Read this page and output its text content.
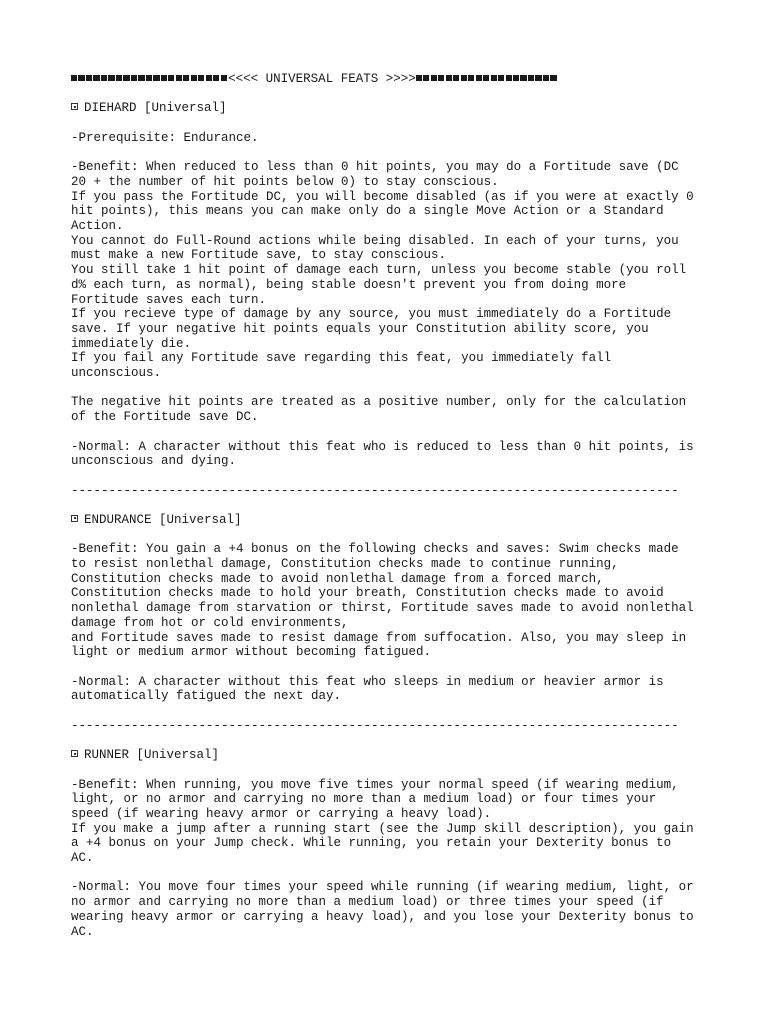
<<<< UNIVERSAL FEATS >>>>

DIEHARD [Universal]

-Prerequisite: Endurance.

-Benefit: When reduced to less than 0 hit points, you may do a Fortitude save (DC

20 + the number of hit points below 0) to stay conscious.

If you pass the Fortitude DC, you will become disabled (as if you were at exactly 0

hit points), this means you can make only do a single Move Action or a Standard

Action.

You cannot do Full-Round actions while being disabled. In each of your turns, you

must make a new Fortitude save, to stay conscious.

You still take 1 hit point of damage each turn, unless you become stable (you roll

d% each turn, as normal), being stable doesn't prevent you from doing more

Fortitude saves each turn.

If you recieve type of damage by any source, you must immediately do a Fortitude

save. If your negative hit points equals your Constitution ability score, you

immediately die.

If you fail any Fortitude save regarding this feat, you immediately fall

unconscious.

The negative hit points are treated as a positive number, only for the calculation

of the Fortitude save DC.

-Normal: A character without this feat who is reduced to less than 0 hit points, is

unconscious and dying.

---------------------------------------------------------------------------------

ENDURANCE [Universal]

-Benefit: You gain a +4 bonus on the following checks and saves: Swim checks made

to resist nonlethal damage, Constitution checks made to continue running,

Constitution checks made to avoid nonlethal damage from a forced march,

Constitution checks made to hold your breath, Constitution checks made to avoid

nonlethal damage from starvation or thirst, Fortitude saves made to avoid nonlethal

damage from hot or cold environments,

and Fortitude saves made to resist damage from suffocation. Also, you may sleep in

light or medium armor without becoming fatigued.

-Normal: A character without this feat who sleeps in medium or heavier armor is

automatically fatigued the next day.

---------------------------------------------------------------------------------

RUNNER [Universal]

-Benefit: When running, you move five times your normal speed (if wearing medium,

light, or no armor and carrying no more than a medium load) or four times your

speed (if wearing heavy armor or carrying a heavy load).

If you make a jump after a running start (see the Jump skill description), you gain

a +4 bonus on your Jump check. While running, you retain your Dexterity bonus to

AC.

-Normal: You move four times your speed while running (if wearing medium, light, or

no armor and carrying no more than a medium load) or three times your speed (if

wearing heavy armor or carrying a heavy load), and you lose your Dexterity bonus to

AC.
